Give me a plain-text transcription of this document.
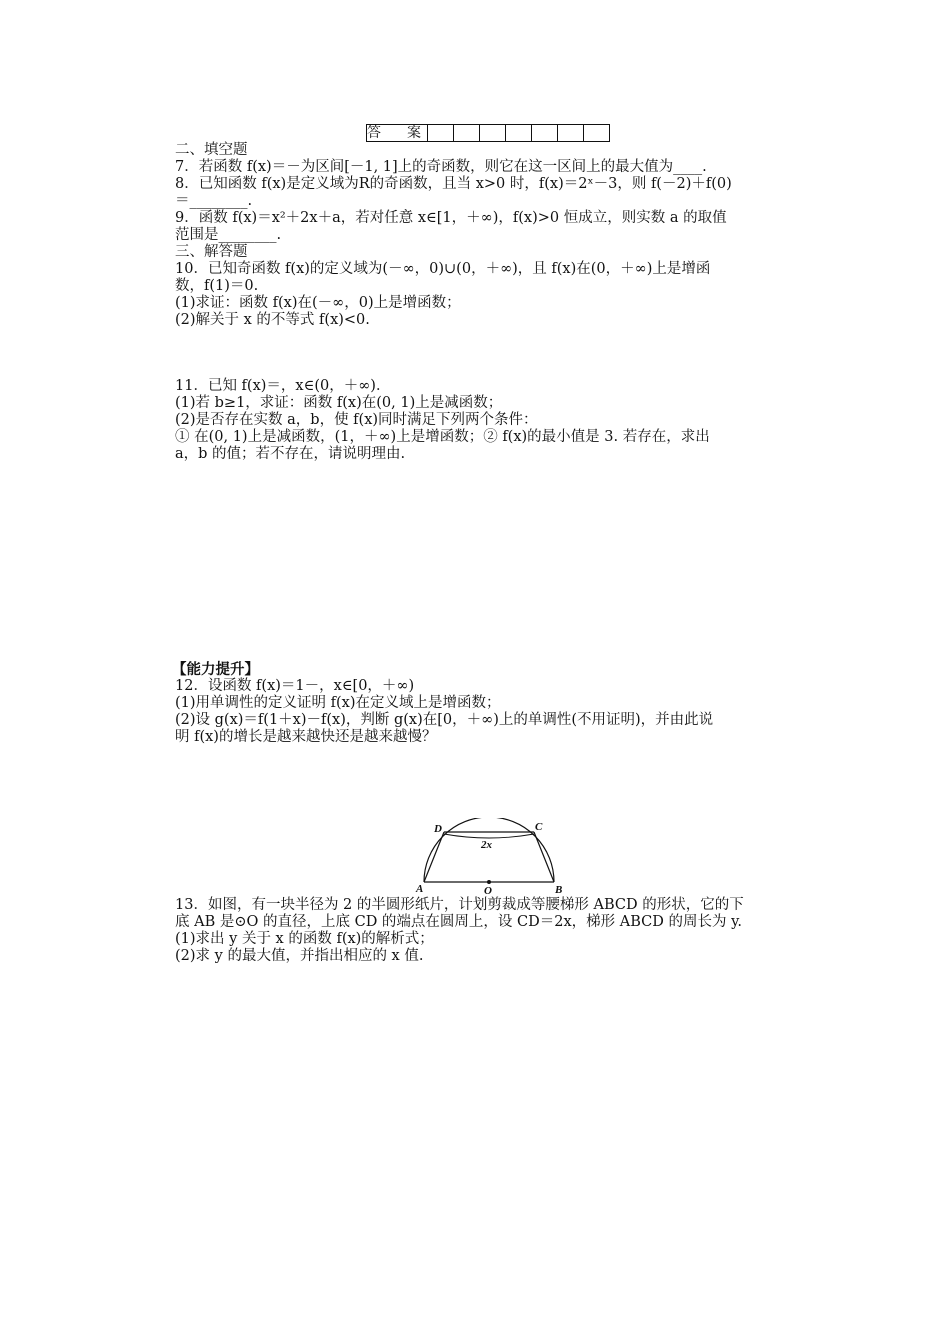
答　案							
二、填空题
7．若函数 f(x)＝－为区间[－1, 1]上的奇函数，则它在这一区间上的最大值为____.
8．已知函数 f(x)是定义域为R的奇函数，且当 x>0 时，f(x)＝2ˣ－3，则 f(－2)＋f(0)
＝________.
9．函数 f(x)＝x²＋2x＋a，若对任意 x∈[1，＋∞)，f(x)>0 恒成立，则实数 a 的取值
范围是________.
三、解答题
10．已知奇函数 f(x)的定义域为(－∞，0)∪(0，＋∞)，且 f(x)在(0，＋∞)上是增函
数，f(1)＝0.
(1)求证：函数 f(x)在(－∞，0)上是增函数；
(2)解关于 x 的不等式 f(x)<0.
11．已知 f(x)＝，x∈(0，＋∞)．
(1)若 b≥1，求证：函数 f(x)在(0, 1)上是减函数；
(2)是否存在实数 a，b，使 f(x)同时满足下列两个条件：
① 在(0, 1)上是减函数，(1，＋∞)上是增函数；② f(x)的最小值是 3. 若存在，求出
a，b 的值；若不存在，请说明理由.
【能力提升】
12．设函数 f(x)＝1－，x∈[0，＋∞)
(1)用单调性的定义证明 f(x)在定义域上是增函数；
(2)设 g(x)＝f(1＋x)－f(x)，判断 g(x)在[0，＋∞)上的单调性(不用证明)，并由此说
明 f(x)的增长是越来越快还是越来越慢？
D	C
A	O	B
2x
13．如图，有一块半径为 2 的半圆形纸片，计划剪裁成等腰梯形 ABCD 的形状，它的下
底 AB 是⊙O 的直径，上底 CD 的端点在圆周上，设 CD＝2x，梯形 ABCD 的周长为 y.
(1)求出 y 关于 x 的函数 f(x)的解析式；
(2)求 y 的最大值，并指出相应的 x 值.
